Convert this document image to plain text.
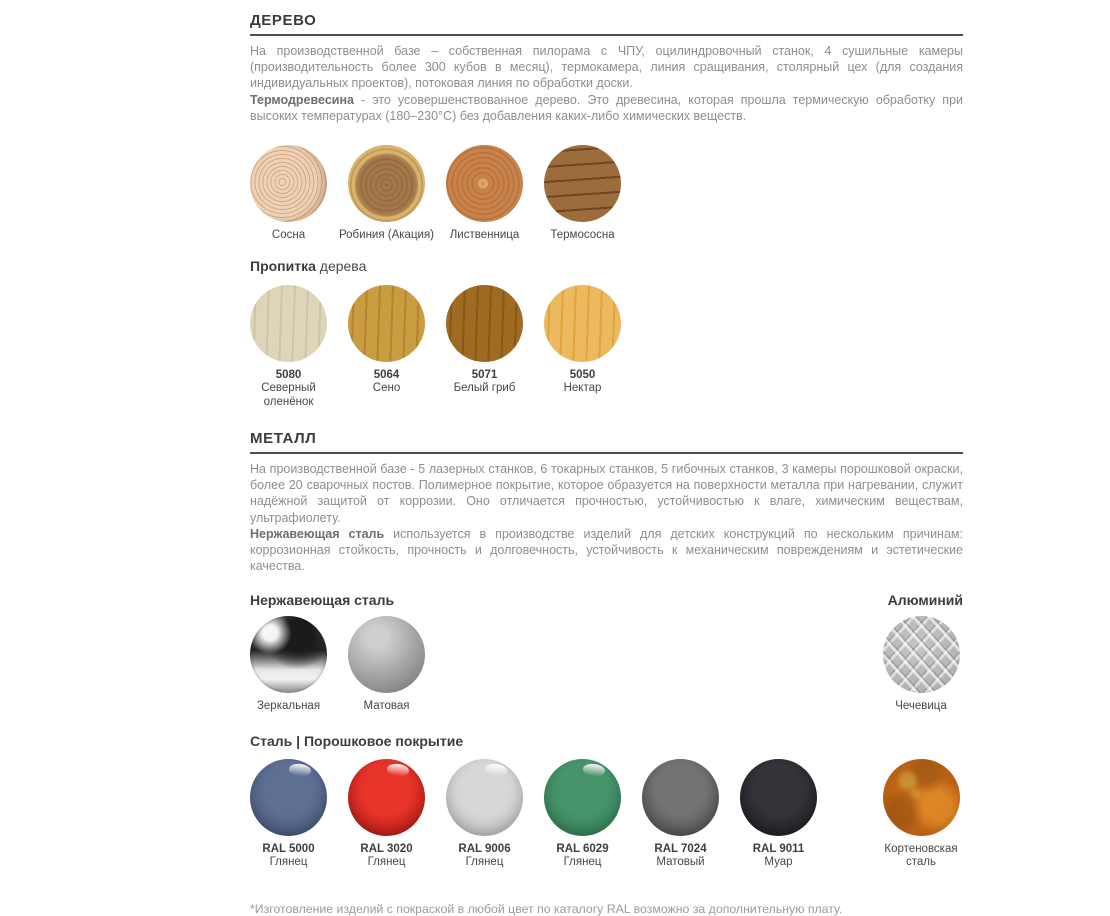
ДЕРЕВО

На производственной базе – собственная пилорама с ЧПУ, оцилиндровочный станок, 4 сушильные камеры (производительность более 300 кубов в месяц), термокамера, линия сращивания, столярный цех (для создания индивидуальных проектов), потоковая линия по обработки доски.

Термодревесина - это усовершенствованное дерево. Это древесина, которая прошла термическую обработку при высоких температурах (180–230°C) без добавления каких-либо химических веществ.

Сосна	Робиния (Акация) Лиственница	Термососна
Пропитка дерева
5080
Северный оленёнок
5064
Сено
5071
Белый гриб
5050
Нектар
МЕТАЛЛ

На производственной базе - 5 лазерных станков, 6 токарных станков, 5 гибочных станков, 3 камеры порошковой окраски, более 20 сварочных постов. Полимерное покрытие, которое образуется на поверхности металла при нагревании, служит надёжной защитой от коррозии. Оно отличается прочностью, устойчивостью к влаге, химическим веществам, ультрафиолету.

Нержавеющая сталь используется в производстве изделий для детских конструкций по нескольким причинам: коррозионная стойкость, прочность и долговечность, устойчивость к механическим повреждениям и эстетические качества.

Нержавеющая сталь	Алюминий
Зеркальная	Матовая	Чечевица
Сталь | Порошковое покрытие
RAL 5000
Глянец
RAL 3020
Глянец
RAL 9006
Глянец
RAL 6029
Глянец
RAL 7024
Матовый
RAL 9011
Муар
Кортеновская сталь

*Изготовление изделий с покраской в любой цвет по каталогу RAL возможно за дополнительную плату.
